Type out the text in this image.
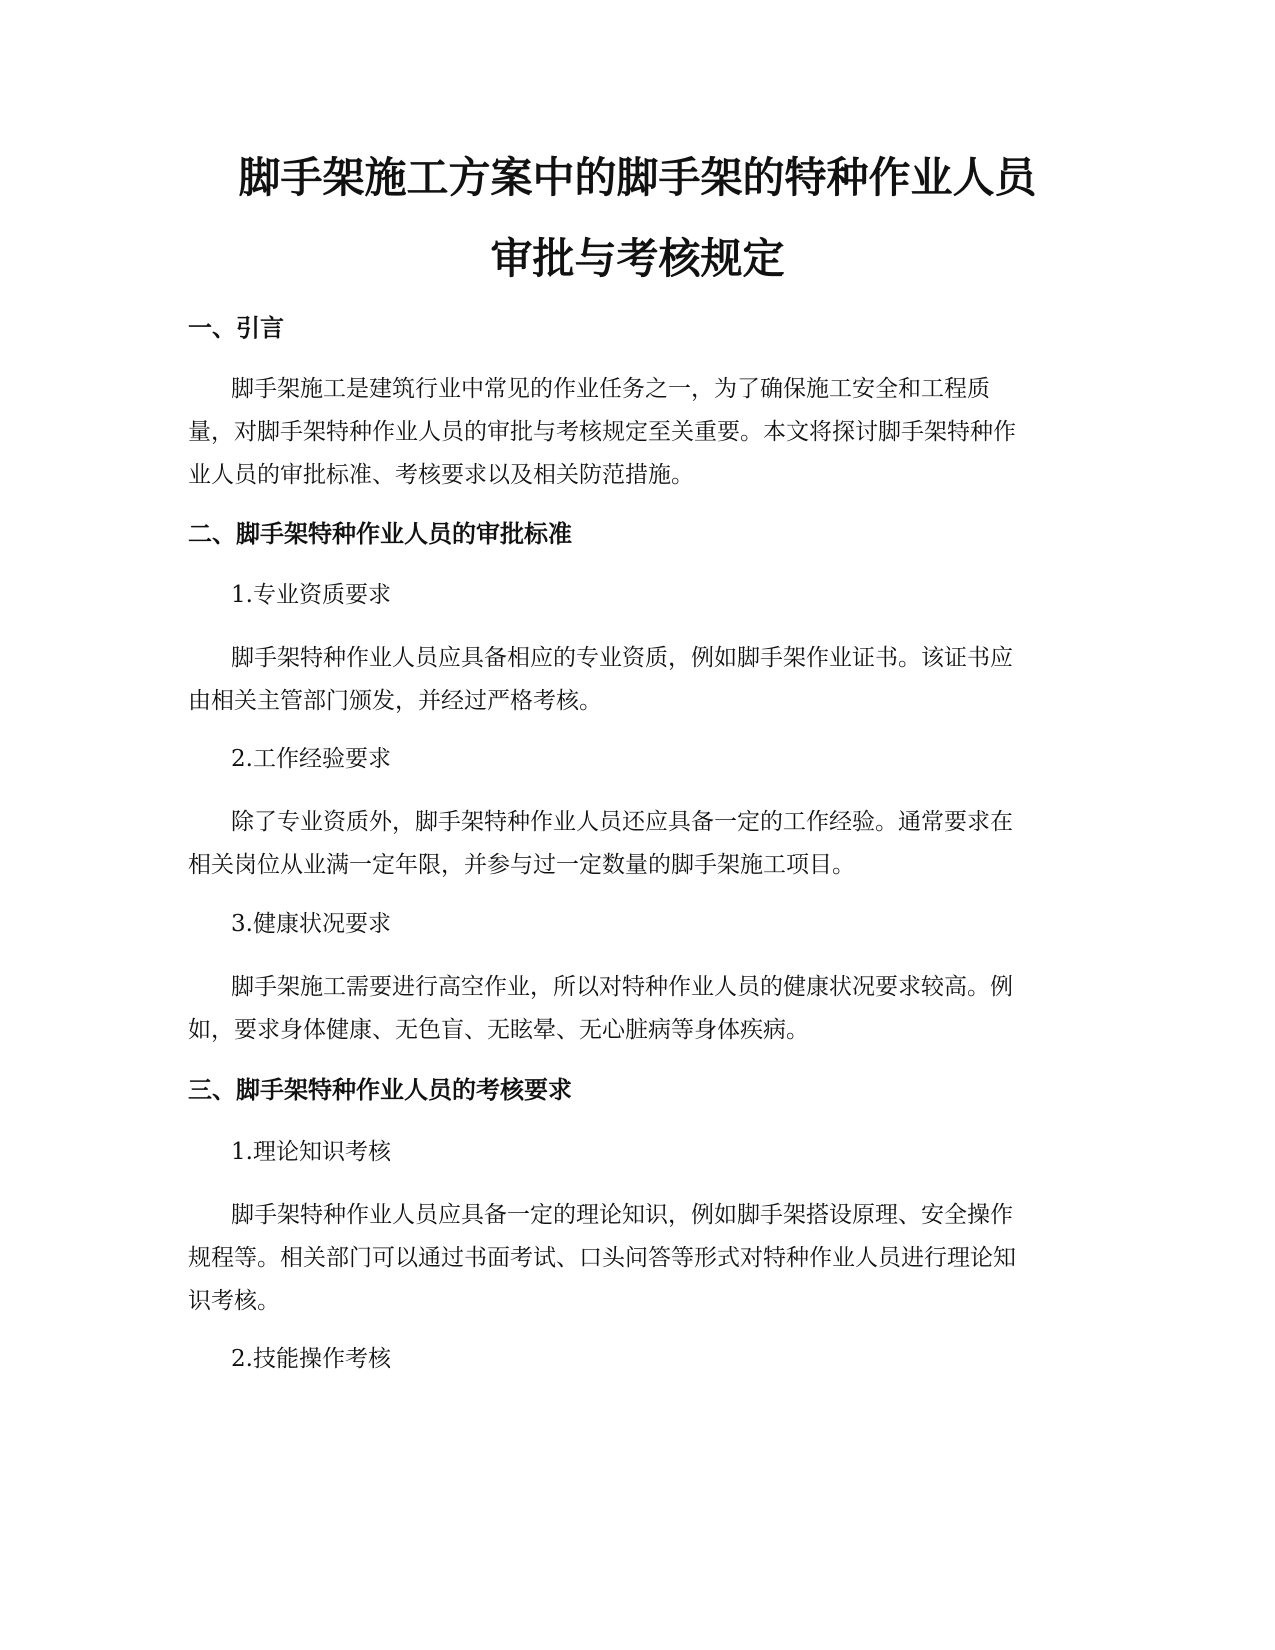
脚手架施工方案中的脚手架的特种作业人员
审批与考核规定
一、引言

脚手架施工是建筑行业中常见的作业任务之一，为了确保施工安全和工程质
量，对脚手架特种作业人员的审批与考核规定至关重要。本文将探讨脚手架特种作
业人员的审批标准、考核要求以及相关防范措施。

二、脚手架特种作业人员的审批标准

1.专业资质要求

脚手架特种作业人员应具备相应的专业资质，例如脚手架作业证书。该证书应
由相关主管部门颁发，并经过严格考核。

2.工作经验要求

除了专业资质外，脚手架特种作业人员还应具备一定的工作经验。通常要求在
相关岗位从业满一定年限，并参与过一定数量的脚手架施工项目。

3.健康状况要求

脚手架施工需要进行高空作业，所以对特种作业人员的健康状况要求较高。例
如，要求身体健康、无色盲、无眩晕、无心脏病等身体疾病。

三、脚手架特种作业人员的考核要求

1.理论知识考核

脚手架特种作业人员应具备一定的理论知识，例如脚手架搭设原理、安全操作
规程等。相关部门可以通过书面考试、口头问答等形式对特种作业人员进行理论知
识考核。

2.技能操作考核
